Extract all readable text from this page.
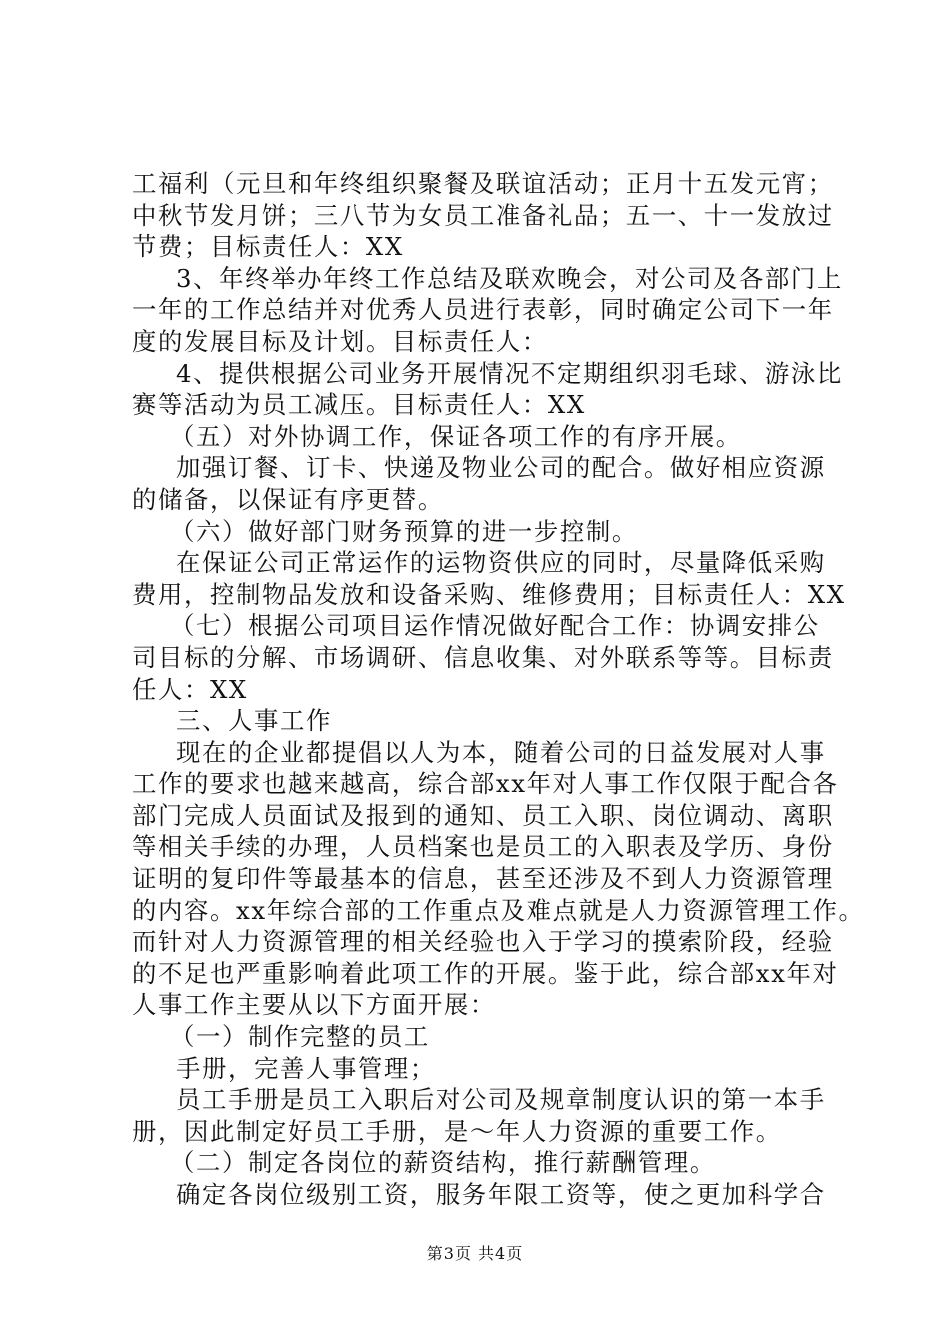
工福利（元旦和年终组织聚餐及联谊活动；正月十五发元宵；
中秋节发月饼；三八节为女员工准备礼品；五一、十一发放过
节费；目标责任人：XX
3、年终举办年终工作总结及联欢晚会，对公司及各部门上
一年的工作总结并对优秀人员进行表彰，同时确定公司下一年
度的发展目标及计划。目标责任人：
4、提供根据公司业务开展情况不定期组织羽毛球、游泳比
赛等活动为员工减压。目标责任人：XX
（五）对外协调工作，保证各项工作的有序开展。
加强订餐、订卡、快递及物业公司的配合。做好相应资源
的储备，以保证有序更替。
（六）做好部门财务预算的进一步控制。
在保证公司正常运作的运物资供应的同时，尽量降低采购
费用，控制物品发放和设备采购、维修费用；目标责任人：XX
（七）根据公司项目运作情况做好配合工作：协调安排公
司目标的分解、市场调研、信息收集、对外联系等等。目标责
任人：XX
三、人事工作
现在的企业都提倡以人为本，随着公司的日益发展对人事
工作的要求也越来越高，综合部xx年对人事工作仅限于配合各
部门完成人员面试及报到的通知、员工入职、岗位调动、离职
等相关手续的办理，人员档案也是员工的入职表及学历、身份
证明的复印件等最基本的信息，甚至还涉及不到人力资源管理
的内容。xx年综合部的工作重点及难点就是人力资源管理工作。
而针对人力资源管理的相关经验也入于学习的摸索阶段，经验
的不足也严重影响着此项工作的开展。鉴于此，综合部xx年对
人事工作主要从以下方面开展：
（一）制作完整的员工
手册，完善人事管理；
员工手册是员工入职后对公司及规章制度认识的第一本手
册，因此制定好员工手册，是～年人力资源的重要工作。
（二）制定各岗位的薪资结构，推行薪酬管理。
确定各岗位级别工资，服务年限工资等，使之更加科学合
第3页 共4页
